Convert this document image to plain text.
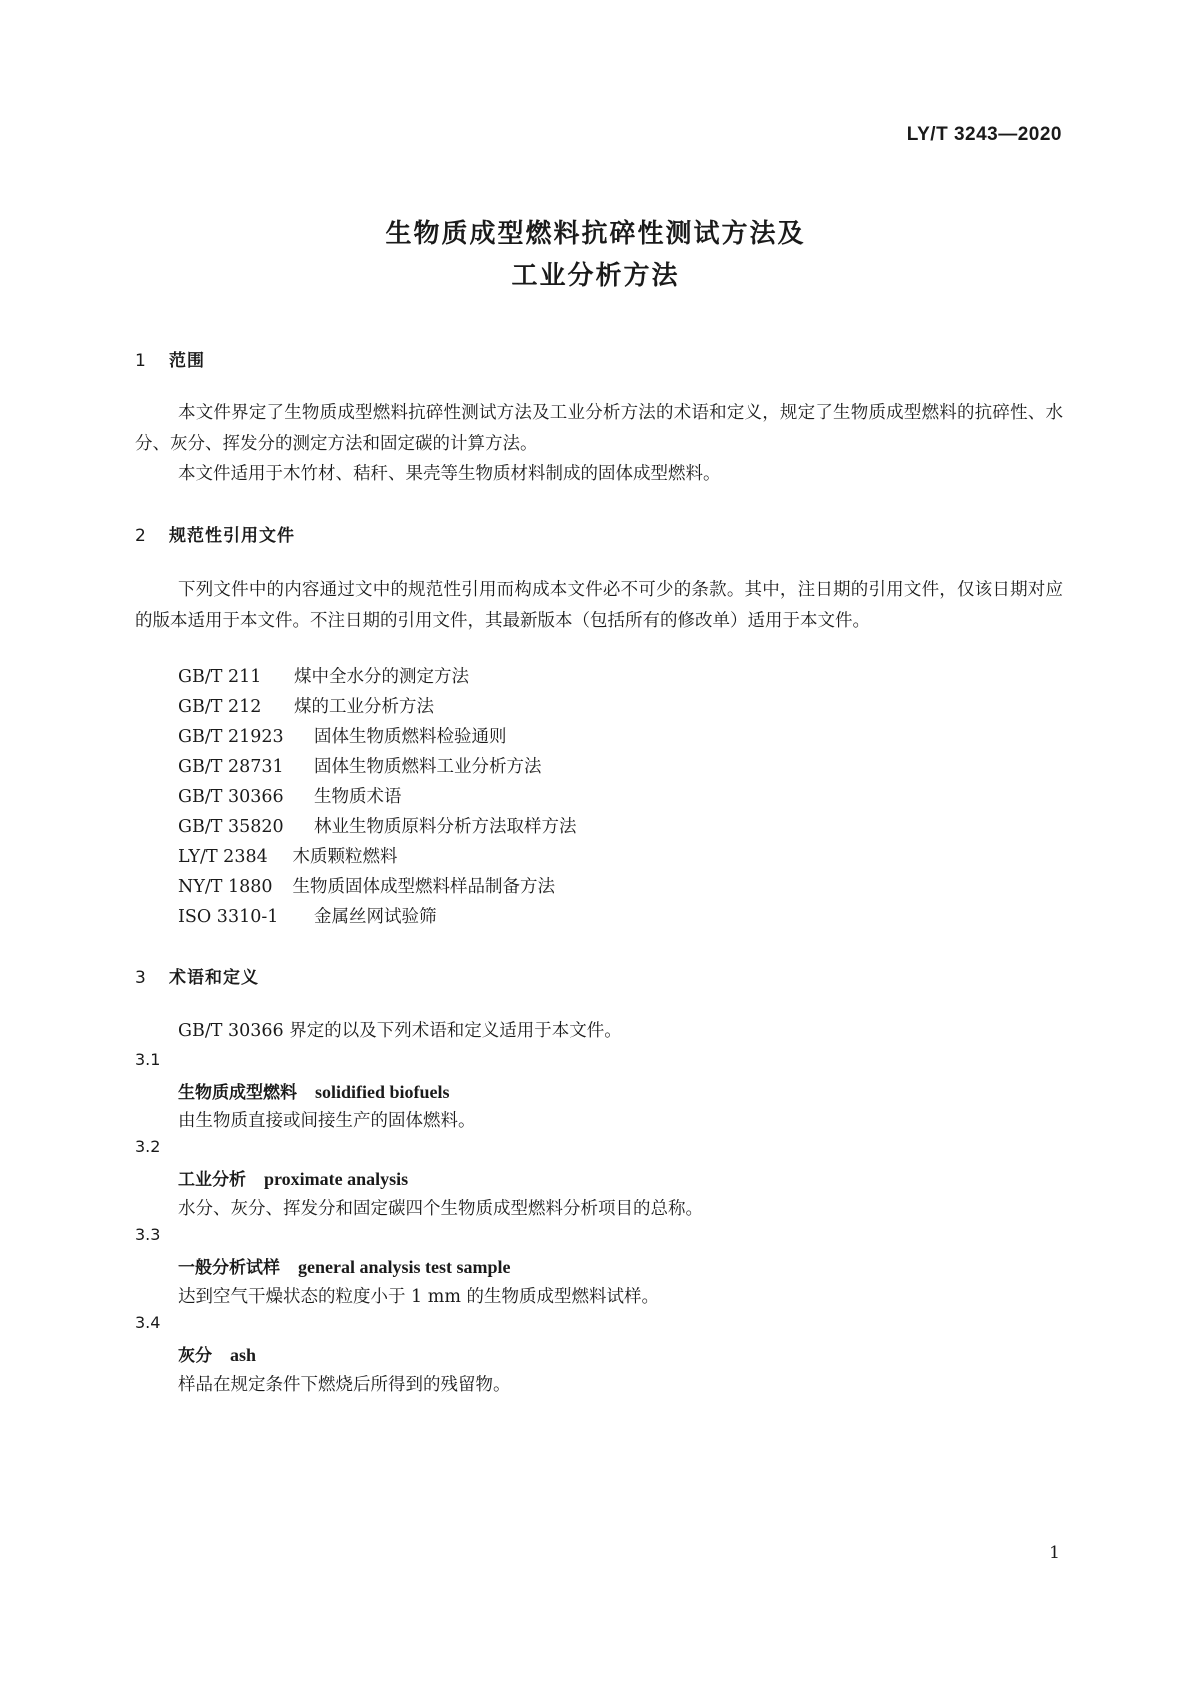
LY/T 3243—2020
生物质成型燃料抗碎性测试方法及
工业分析方法
1 范围
本文件界定了生物质成型燃料抗碎性测试方法及工业分析方法的术语和定义，规定了生物质成型燃料的抗碎性、水分、灰分、挥发分的测定方法和固定碳的计算方法。
本文件适用于木竹材、秸秆、果壳等生物质材料制成的固体成型燃料。
2 规范性引用文件
下列文件中的内容通过文中的规范性引用而构成本文件必不可少的条款。其中，注日期的引用文件，仅该日期对应的版本适用于本文件。不注日期的引用文件，其最新版本（包括所有的修改单）适用于本文件。
GB/T 211 煤中全水分的测定方法
GB/T 212 煤的工业分析方法
GB/T 21923 固体生物质燃料检验通则
GB/T 28731 固体生物质燃料工业分析方法
GB/T 30366 生物质术语
GB/T 35820 林业生物质原料分析方法取样方法
LY/T 2384 木质颗粒燃料
NY/T 1880 生物质固体成型燃料样品制备方法
ISO 3310-1 金属丝网试验筛
3 术语和定义
GB/T 30366 界定的以及下列术语和定义适用于本文件。
3.1
生物质成型燃料 solidified biofuels
由生物质直接或间接生产的固体燃料。
3.2
工业分析 proximate analysis
水分、灰分、挥发分和固定碳四个生物质成型燃料分析项目的总称。
3.3
一般分析试样 general analysis test sample
达到空气干燥状态的粒度小于 1 mm 的生物质成型燃料试样。
3.4
灰分 ash
样品在规定条件下燃烧后所得到的残留物。
1
